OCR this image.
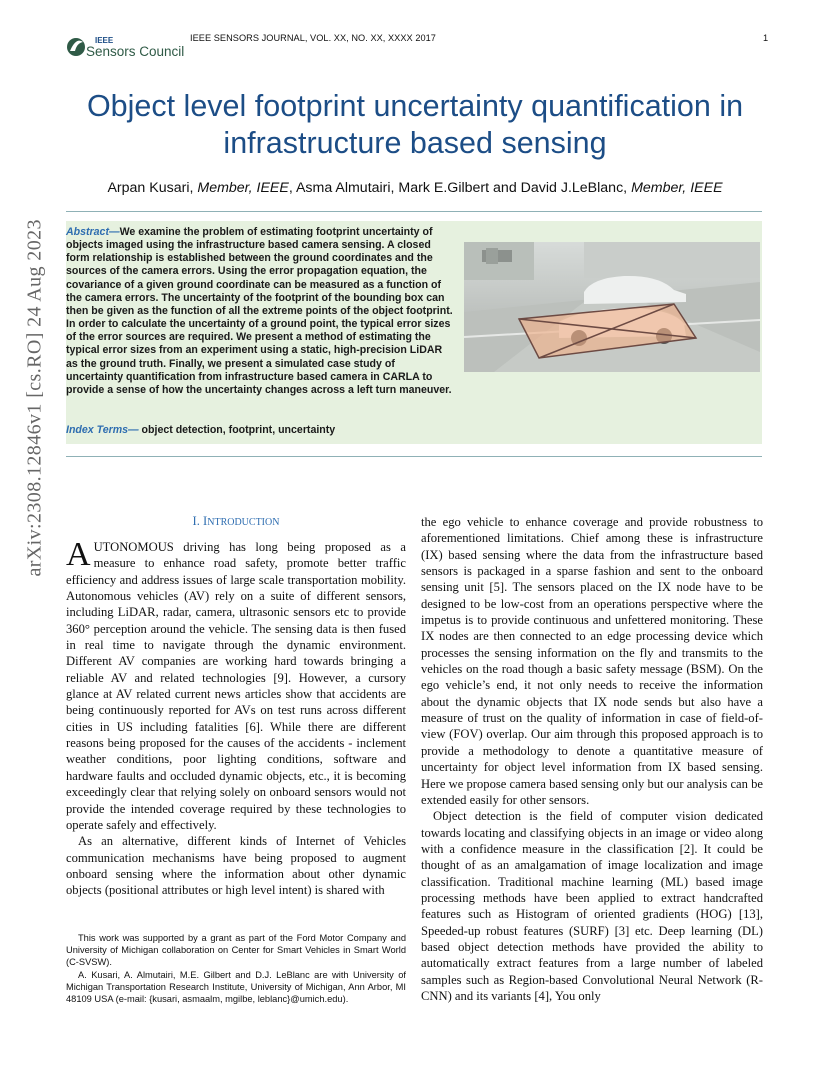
IEEE
Sensors Council
IEEE SENSORS JOURNAL, VOL. XX, NO. XX, XXXX 2017	1
Object level footprint uncertainty quantification in
infrastructure based sensing
Arpan Kusari, Member, IEEE, Asma Almutairi, Mark E.Gilbert and David J.LeBlanc, Member, IEEE
Abstract—We examine the problem of estimating footprint uncertainty of objects imaged using the infrastructure based camera sensing. A closed form relationship is established between the ground coordinates and the sources of the camera errors. Using the error propagation equation, the covariance of a given ground coordinate can be measured as a function of the camera errors. The uncertainty of the footprint of the bounding box can then be given as the function of all the extreme points of the object footprint. In order to calculate the uncertainty of a ground point, the typical error sizes of the error sources are required. We present a method of estimating the typical error sizes from an experiment using a static, high-precision LiDAR as the ground truth. Finally, we present a simulated case study of uncertainty quantification from infrastructure based camera in CARLA to provide a sense of how the uncertainty changes across a left turn maneuver.
Index Terms— object detection, footprint, uncertainty
arXiv:2308.12846v1 [cs.RO] 24 Aug 2023	I. INTRODUCTION

AUTONOMOUS driving has long being proposed as a measure to enhance road safety, promote better traffic efficiency and address issues of large scale transportation mobility. Autonomous vehicles (AV) rely on a suite of different sensors, including LiDAR, radar, camera, ultrasonic sensors etc to provide 360° perception around the vehicle. The sensing data is then fused in real time to navigate through the dynamic environment. Different AV companies are working hard towards bringing a reliable AV and related technologies [9]. However, a cursory glance at AV related current news articles show that accidents are being continuously reported for AVs on test runs across different cities in US including fatalities [6]. While there are different reasons being proposed for the causes of the accidents - inclement weather conditions, poor lighting conditions, software and hardware faults and occluded dynamic objects, etc., it is becoming exceedingly clear that relying solely on onboard sensors would not provide the intended coverage required by these technologies to operate safely and effectively.

As an alternative, different kinds of Internet of Vehicles communication mechanisms have being proposed to augment onboard sensing where the information about other dynamic objects (positional attributes or high level intent) is shared with

This work was supported by a grant as part of the Ford Motor Company and University of Michigan collaboration on Center for Smart Vehicles in Smart World (C-SVSW).

A. Kusari, A. Almutairi, M.E. Gilbert and D.J. LeBlanc are with University of Michigan Transportation Research Institute, University of Michigan, Ann Arbor, MI 48109 USA (e-mail: {kusari, asmaalm, mgilbe, leblanc}@umich.edu).

the ego vehicle to enhance coverage and provide robustness to aforementioned limitations. Chief among these is infrastructure (IX) based sensing where the data from the infrastructure based sensors is packaged in a sparse fashion and sent to the onboard sensing unit [5]. The sensors placed on the IX node have to be designed to be low-cost from an operations perspective where the impetus is to provide continuous and unfettered monitoring. These IX nodes are then connected to an edge processing device which processes the sensing information on the fly and transmits to the vehicles on the road though a basic safety message (BSM). On the ego vehicle’s end, it not only needs to receive the information about the dynamic objects that IX node sends but also have a measure of trust on the quality of information in case of field-of-view (FOV) overlap. Our aim through this proposed approach is to provide a methodology to denote a quantitative measure of uncertainty for object level information from IX based sensing. Here we propose camera based sensing only but our analysis can be extended easily for other sensors.

Object detection is the field of computer vision dedicated towards locating and classifying objects in an image or video along with a confidence measure in the classification [2]. It could be thought of as an amalgamation of image localization and image classification. Traditional machine learning (ML) based image processing methods have been applied to extract handcrafted features such as Histogram of oriented gradients (HOG) [13], Speeded-up robust features (SURF) [3] etc. Deep learning (DL) based object detection methods have provided the ability to automatically extract features from a large number of labeled samples such as Region-based Convolutional Neural Network (R-CNN) and its variants [4], You only
